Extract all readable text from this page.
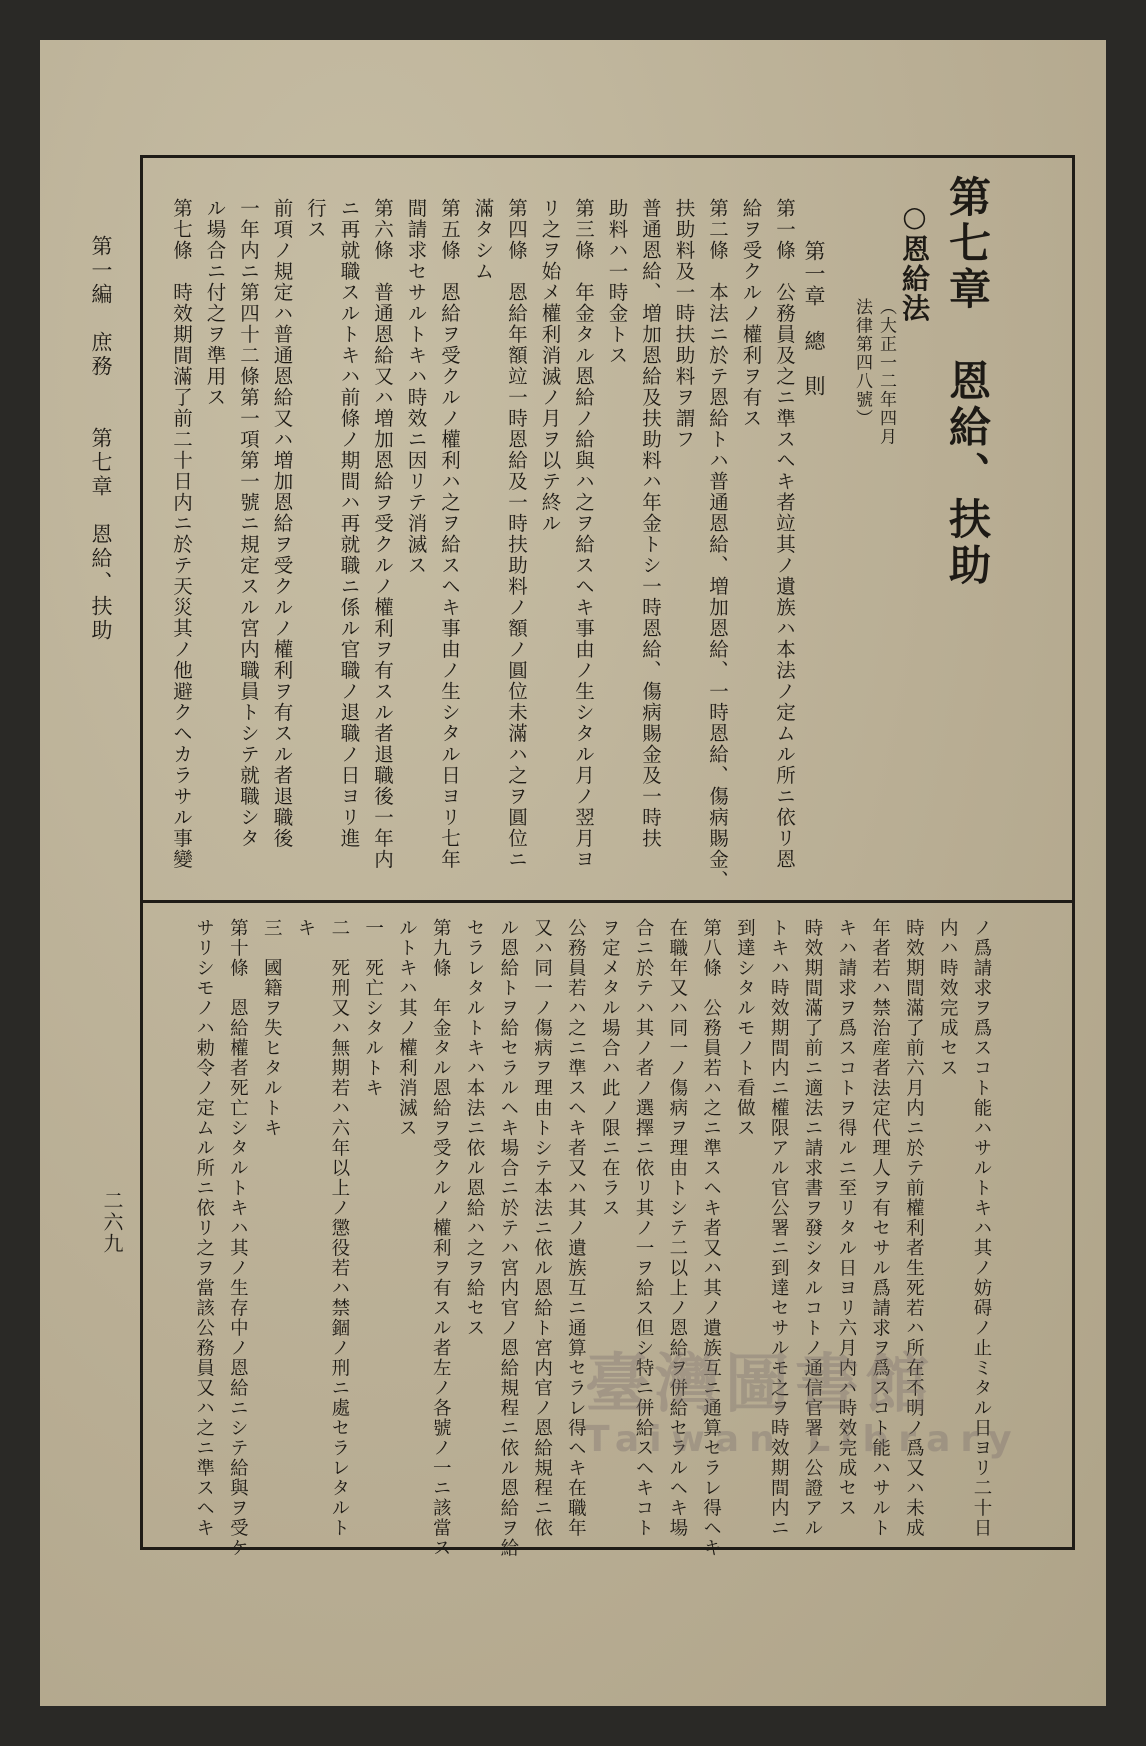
第七章　恩給、扶助
○恩給法
（大正一二年四月
法律第四八號）
第一章　總　則
第一條　公務員及之ニ準スヘキ者竝其ノ遺族ハ本法ノ定ムル所ニ依リ恩
給ヲ受クルノ權利ヲ有ス
第二條　本法ニ於テ恩給トハ普通恩給、増加恩給、一時恩給、傷病賜金、
扶助料及一時扶助料ヲ謂フ
普通恩給、増加恩給及扶助料ハ年金トシ一時恩給、傷病賜金及一時扶
助料ハ一時金トス
第三條　年金タル恩給ノ給與ハ之ヲ給スヘキ事由ノ生シタル月ノ翌月ヨ
リ之ヲ始メ權利消滅ノ月ヲ以テ終ル
第四條　恩給年額竝一時恩給及一時扶助料ノ額ノ圓位未滿ハ之ヲ圓位ニ
滿タシム
第五條　恩給ヲ受クルノ權利ハ之ヲ給スヘキ事由ノ生シタル日ヨリ七年
間請求セサルトキハ時效ニ因リテ消滅ス
第六條　普通恩給又ハ増加恩給ヲ受クルノ權利ヲ有スル者退職後一年内
ニ再就職スルトキハ前條ノ期間ハ再就職ニ係ル官職ノ退職ノ日ヨリ進
行ス
前項ノ規定ハ普通恩給又ハ増加恩給ヲ受クルノ權利ヲ有スル者退職後
一年内ニ第四十二條第一項第一號ニ規定スル宮内職員トシテ就職シタ
ル場合ニ付之ヲ準用ス
第七條　時效期間滿了前二十日内ニ於テ天災其ノ他避クヘカラサル事變
ノ爲請求ヲ爲スコト能ハサルトキハ其ノ妨碍ノ止ミタル日ヨリ二十日
内ハ時效完成セス
時效期間滿了前六月内ニ於テ前權利者生死若ハ所在不明ノ爲又ハ未成
年者若ハ禁治産者法定代理人ヲ有セサル爲請求ヲ爲スコト能ハサルト
キハ請求ヲ爲スコトヲ得ルニ至リタル日ヨリ六月内ハ時效完成セス
時效期間滿了前ニ適法ニ請求書ヲ發シタルコトノ通信官署ノ公證アル
トキハ時效期間内ニ權限アル官公署ニ到達セサルモ之ヲ時效期間内ニ
到達シタルモノト看做ス
第八條　公務員若ハ之ニ準スヘキ者又ハ其ノ遺族互ニ通算セラレ得ヘキ
在職年又ハ同一ノ傷病ヲ理由トシテ二以上ノ恩給ヲ併給セラルヘキ場
合ニ於テハ其ノ者ノ選擇ニ依リ其ノ一ヲ給ス但シ特ニ併給スヘキコト
ヲ定メタル場合ハ此ノ限ニ在ラス
公務員若ハ之ニ準スヘキ者又ハ其ノ遺族互ニ通算セラレ得ヘキ在職年
又ハ同一ノ傷病ヲ理由トシテ本法ニ依ル恩給ト宮内官ノ恩給規程ニ依
ル恩給トヲ給セラルヘキ場合ニ於テハ宮内官ノ恩給規程ニ依ル恩給ヲ給
セラレタルトキハ本法ニ依ル恩給ハ之ヲ給セス
第九條　年金タル恩給ヲ受クルノ權利ヲ有スル者左ノ各號ノ一ニ該當ス
ルトキハ其ノ權利消滅ス
一　死亡シタルトキ
二　死刑又ハ無期若ハ六年以上ノ懲役若ハ禁錮ノ刑ニ處セラレタルト
キ
三　國籍ヲ失ヒタルトキ
第十條　恩給權者死亡シタルトキハ其ノ生存中ノ恩給ニシテ給與ヲ受ケ
サリシモノハ勅令ノ定ムル所ニ依リ之ヲ當該公務員又ハ之ニ準スヘキ
第一編　庶務　　第七章　恩給、扶助
二六九
臺灣圖書館
Taiwan Library
